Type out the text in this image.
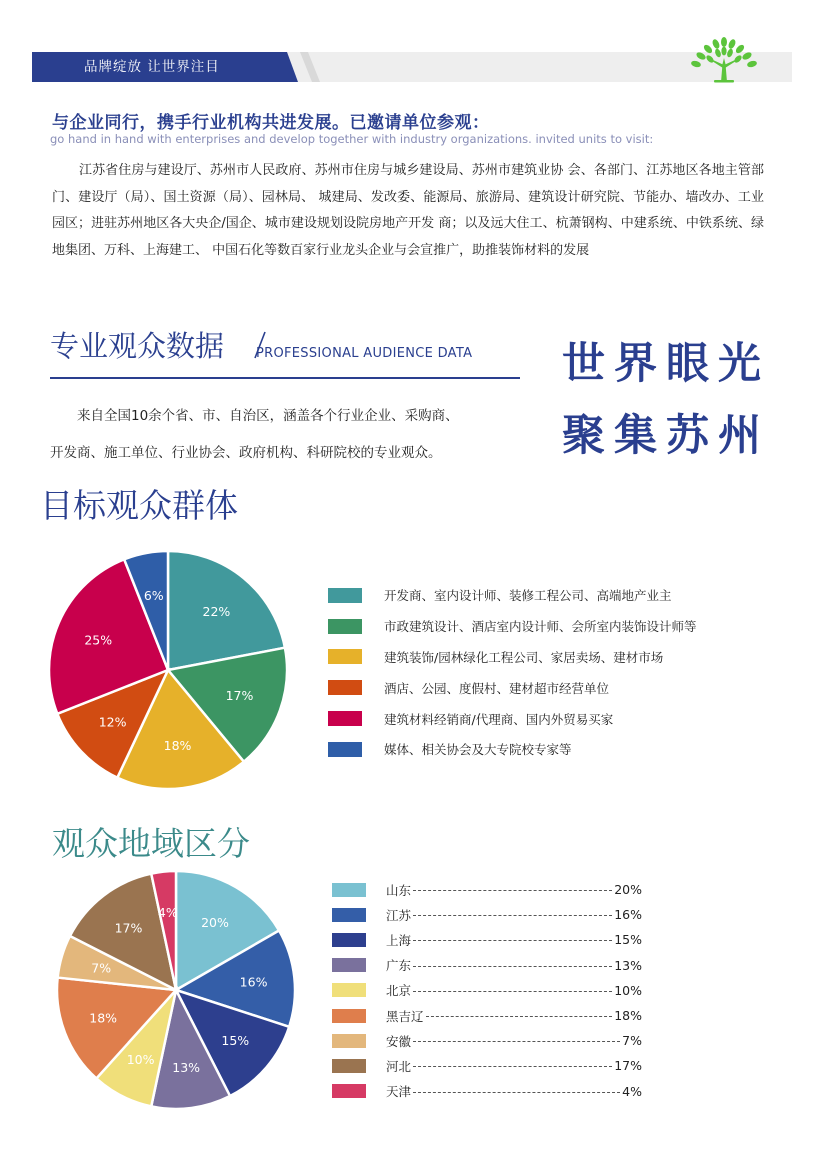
品牌绽放 让世界注目
与企业同行，携手行业机构共进发展。已邀请单位参观：
go hand in hand with enterprises and develop together with industry organizations. invited units to visit:
江苏省住房与建设厅、苏州市人民政府、苏州市住房与城乡建设局、苏州市建筑业协 会、各部门、江苏地区各地主管部门、建设厅（局）、国土资源（局）、园林局、 城建局、发改委、能源局、旅游局、建筑设计研究院、节能办、墙改办、工业园区；进驻苏州地区各大央企/国企、城市建设规划设院房地产开发 商；以及远大住工、杭萧钢构、中建系统、中铁系统、绿地集团、万科、上海建工、 中国石化等数百家行业龙头企业与会宣推广，助推装饰材料的发展
专业观众数据 PROFESSIONAL AUDIENCE DATA
来自全国10余个省、市、自治区，涵盖各个行业企业、采购商、
开发商、施工单位、行业协会、政府机构、科研院校的专业观众。
世界眼光
聚集苏州
目标观众群体
22%
17%
18%
12%
25%
6%	开发商、室内设计师、装修工程公司、高端地产业主
市政建筑设计、酒店室内设计师、会所室内装饰设计师等
建筑装饰/园林绿化工程公司、家居卖场、建材市场
酒店、公园、度假村、建材超市经营单位
建筑材料经销商/代理商、国内外贸易买家
媒体、相关协会及大专院校专家等
观众地域区分
20%
16%
15%
13%
10%
18%
7%
17%
4%
山东	20%
江苏	16%
上海	15%
广东	13%
北京	10%
黑吉辽	18%
安徽	7%
河北	17%
天津	4%
